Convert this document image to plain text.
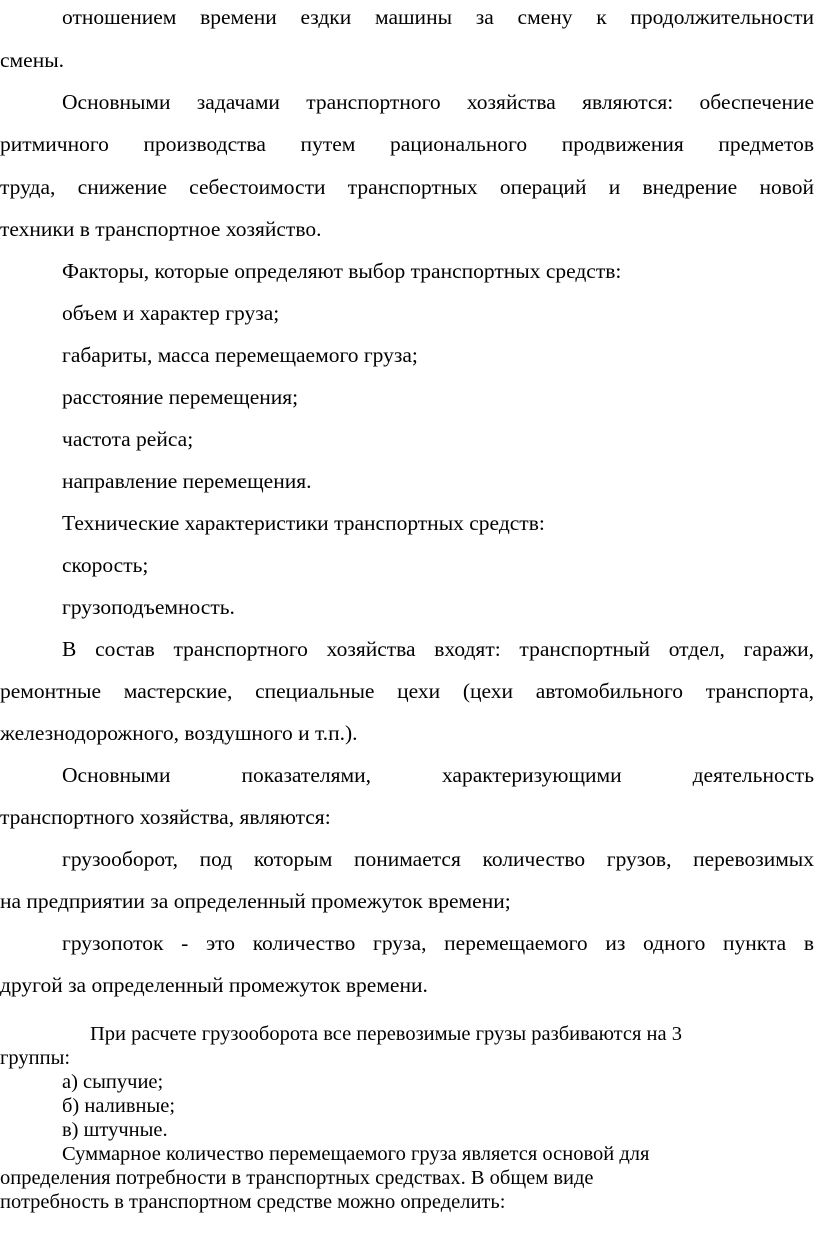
отношением времени ездки машины за смену к продолжительности
смены.
Основными задачами транспортного хозяйства являются: обеспечение
ритмичного производства путем рационального продвижения предметов
труда, снижение себестоимости транспортных операций и внедрение новой
техники в транспортное хозяйство.
Факторы, которые определяют выбор транспортных средств:
объем и характер груза;
габариты, масса перемещаемого груза;
расстояние перемещения;
частота рейса;
направление перемещения.
Технические характеристики транспортных средств:
скорость;
грузоподъемность.
В состав транспортного хозяйства входят: транспортный отдел, гаражи,
ремонтные мастерские, специальные цехи (цехи автомобильного транспорта,
железнодорожного, воздушного и т.п.).
Основными показателями, характеризующими деятельность
транспортного хозяйства, являются:
грузооборот, под которым понимается количество грузов, перевозимых
на предприятии за определенный промежуток времени;
грузопоток - это количество груза, перемещаемого из одного пункта в
другой за определенный промежуток времени.
При расчете грузооборота все перевозимые грузы разбиваются на 3
группы:
а) сыпучие;
б) наливные;
в) штучные.
Суммарное количество перемещаемого груза является основой для
определения потребности в транспортных средствах. В общем виде
потребность в транспортном средстве можно определить:
